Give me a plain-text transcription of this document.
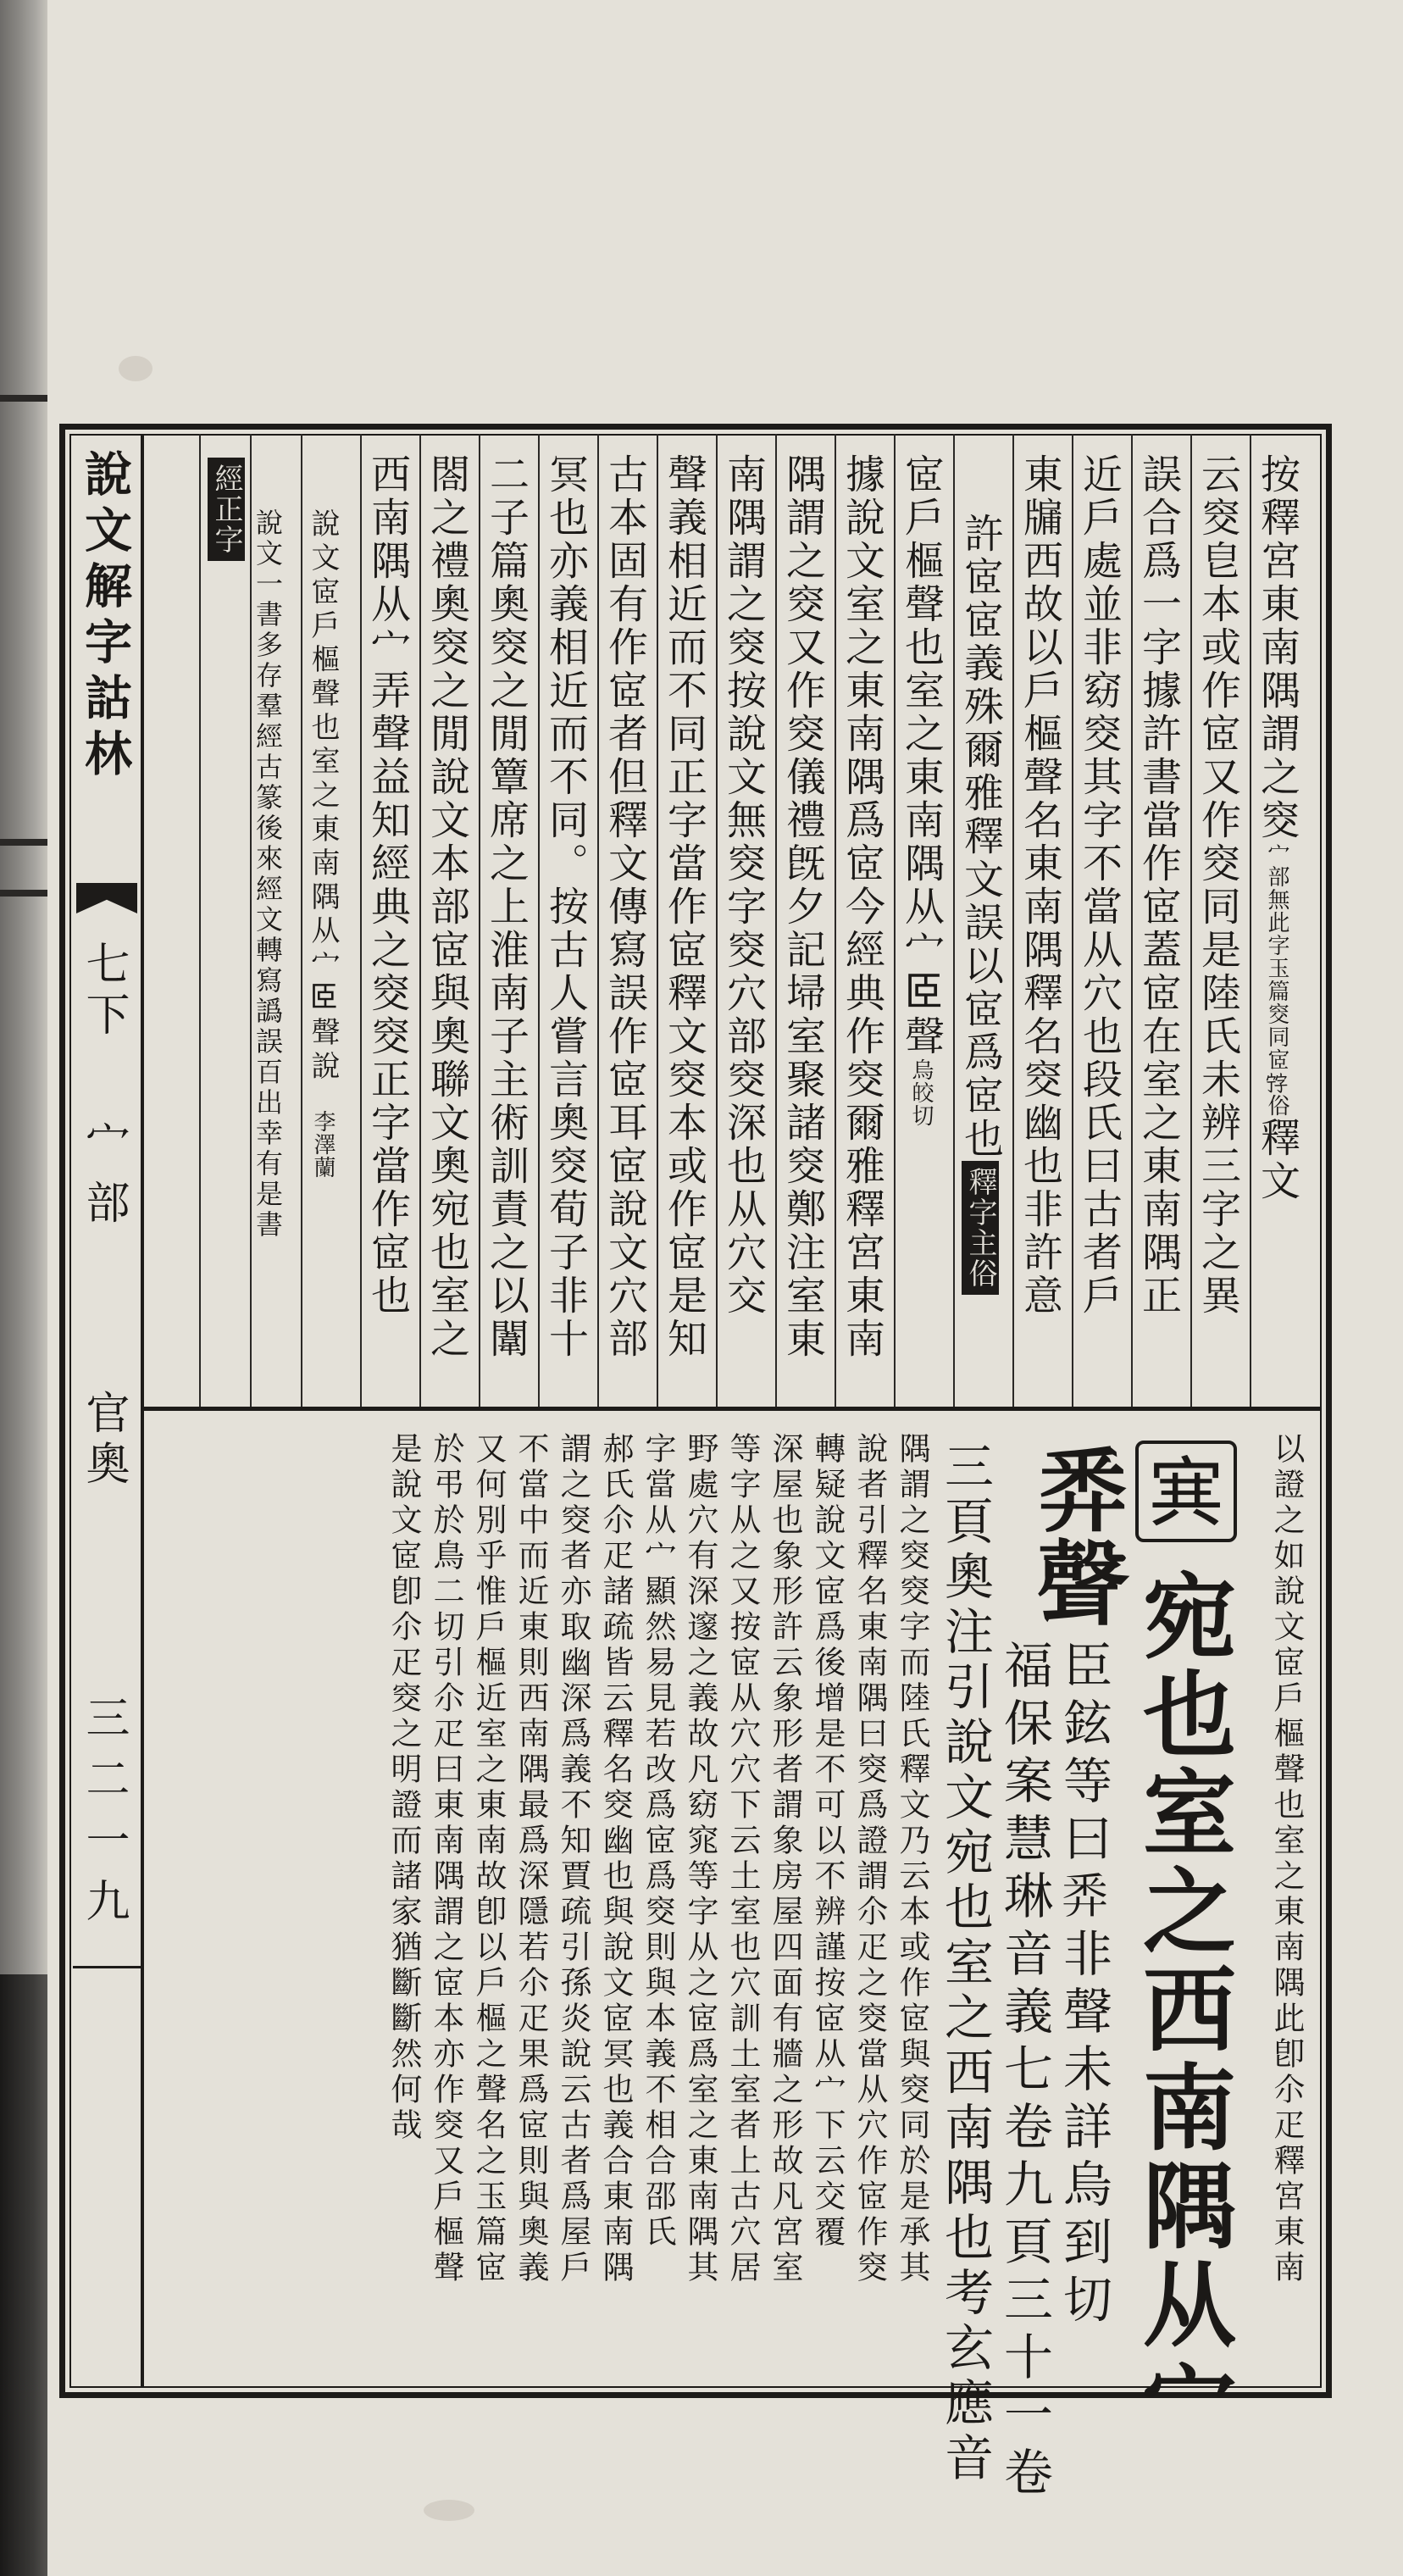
說文解字詁林
七下
宀部
官奧
三二一九
按釋宮東南隅謂之窔宀部無此字玉篇窔同宧𡨸俗釋文
云窔皀本或作宧又作窔同是陸氏未辨三字之異
誤合爲一字據許書當作宧蓋宧在室之東南隅正
近戶處並非窈窔其字不當从穴也段氏曰古者戶
東牖西故以戶樞聲名東南隅釋名窔幽也非許意
許宧宧義殊爾雅釋文誤以宧爲宧也釋字主俗
宧戶樞聲也室之東南隅从宀𦣞聲烏皎切
據說文室之東南隅爲宧今經典作窔爾雅釋宮東南
隅謂之窔又作窔儀禮旣夕記埽室聚諸窔鄭注室東
南隅謂之窔按說文無窔字窔穴部窔深也从穴交
聲義相近而不同正字當作宧釋文窔本或作宧是知
古本固有作宧者但釋文傳寫誤作宧耳宧說文穴部
冥也亦義相近而不同。按古人嘗言奧窔荀子非十
二子篇奧窔之閒簟席之上淮南子主術訓責之以闈
閤之禮奧窔之閒說文本部宧與奧聯文奧宛也室之
西南隅从宀弄聲益知經典之窔窔正字當作宧也
說文宧戶樞聲也室之東南隅从宀𦣞聲說李澤蘭
說文一書多存羣經古篆後來經文轉寫譌誤百出幸有是書
經正字
𡨄
宛也室之西南隅从宀
𢍏聲
臣鉉等曰𢍏非聲未詳烏到切
福保案慧琳音義七卷九頁三十一卷
三頁奧注引說文宛也室之西南隅也考玄應音	以證之如說文宧戶樞聲也室之東南隅此卽尒疋釋宮東南
隅謂之窔窔字而陸氏釋文乃云本或作宧與窔同於是承其
說者引釋名東南隅曰窔爲證謂尒疋之窔當从穴作宧作窔
轉疑說文宧爲後增是不可以不辨謹按宧从宀下云交覆
深屋也象形許云象形者謂象房屋四面有牆之形故凡宮室
等字从之又按宧从穴穴下云土室也穴訓土室者上古穴居
野處穴有深邃之義故凡窈窕等字从之宧爲室之東南隅其
字當从宀顯然易見若改爲宧爲窔則與本義不相合邵氏
郝氏尒疋諸疏皆云釋名窔幽也與說文宧冥也義合東南隅
謂之窔者亦取幽深爲義不知賈疏引孫炎說云古者爲屋戶
不當中而近東則西南隅最爲深隱若尒疋果爲宧則與奧義
又何別乎惟戶樞近室之東南故卽以戶樞之聲名之玉篇宧
於弔於鳥二切引尒疋曰東南隅謂之宧本亦作窔又戶樞聲
是說文宧卽尒疋窔之明證而諸家猶斷斷然何哉
